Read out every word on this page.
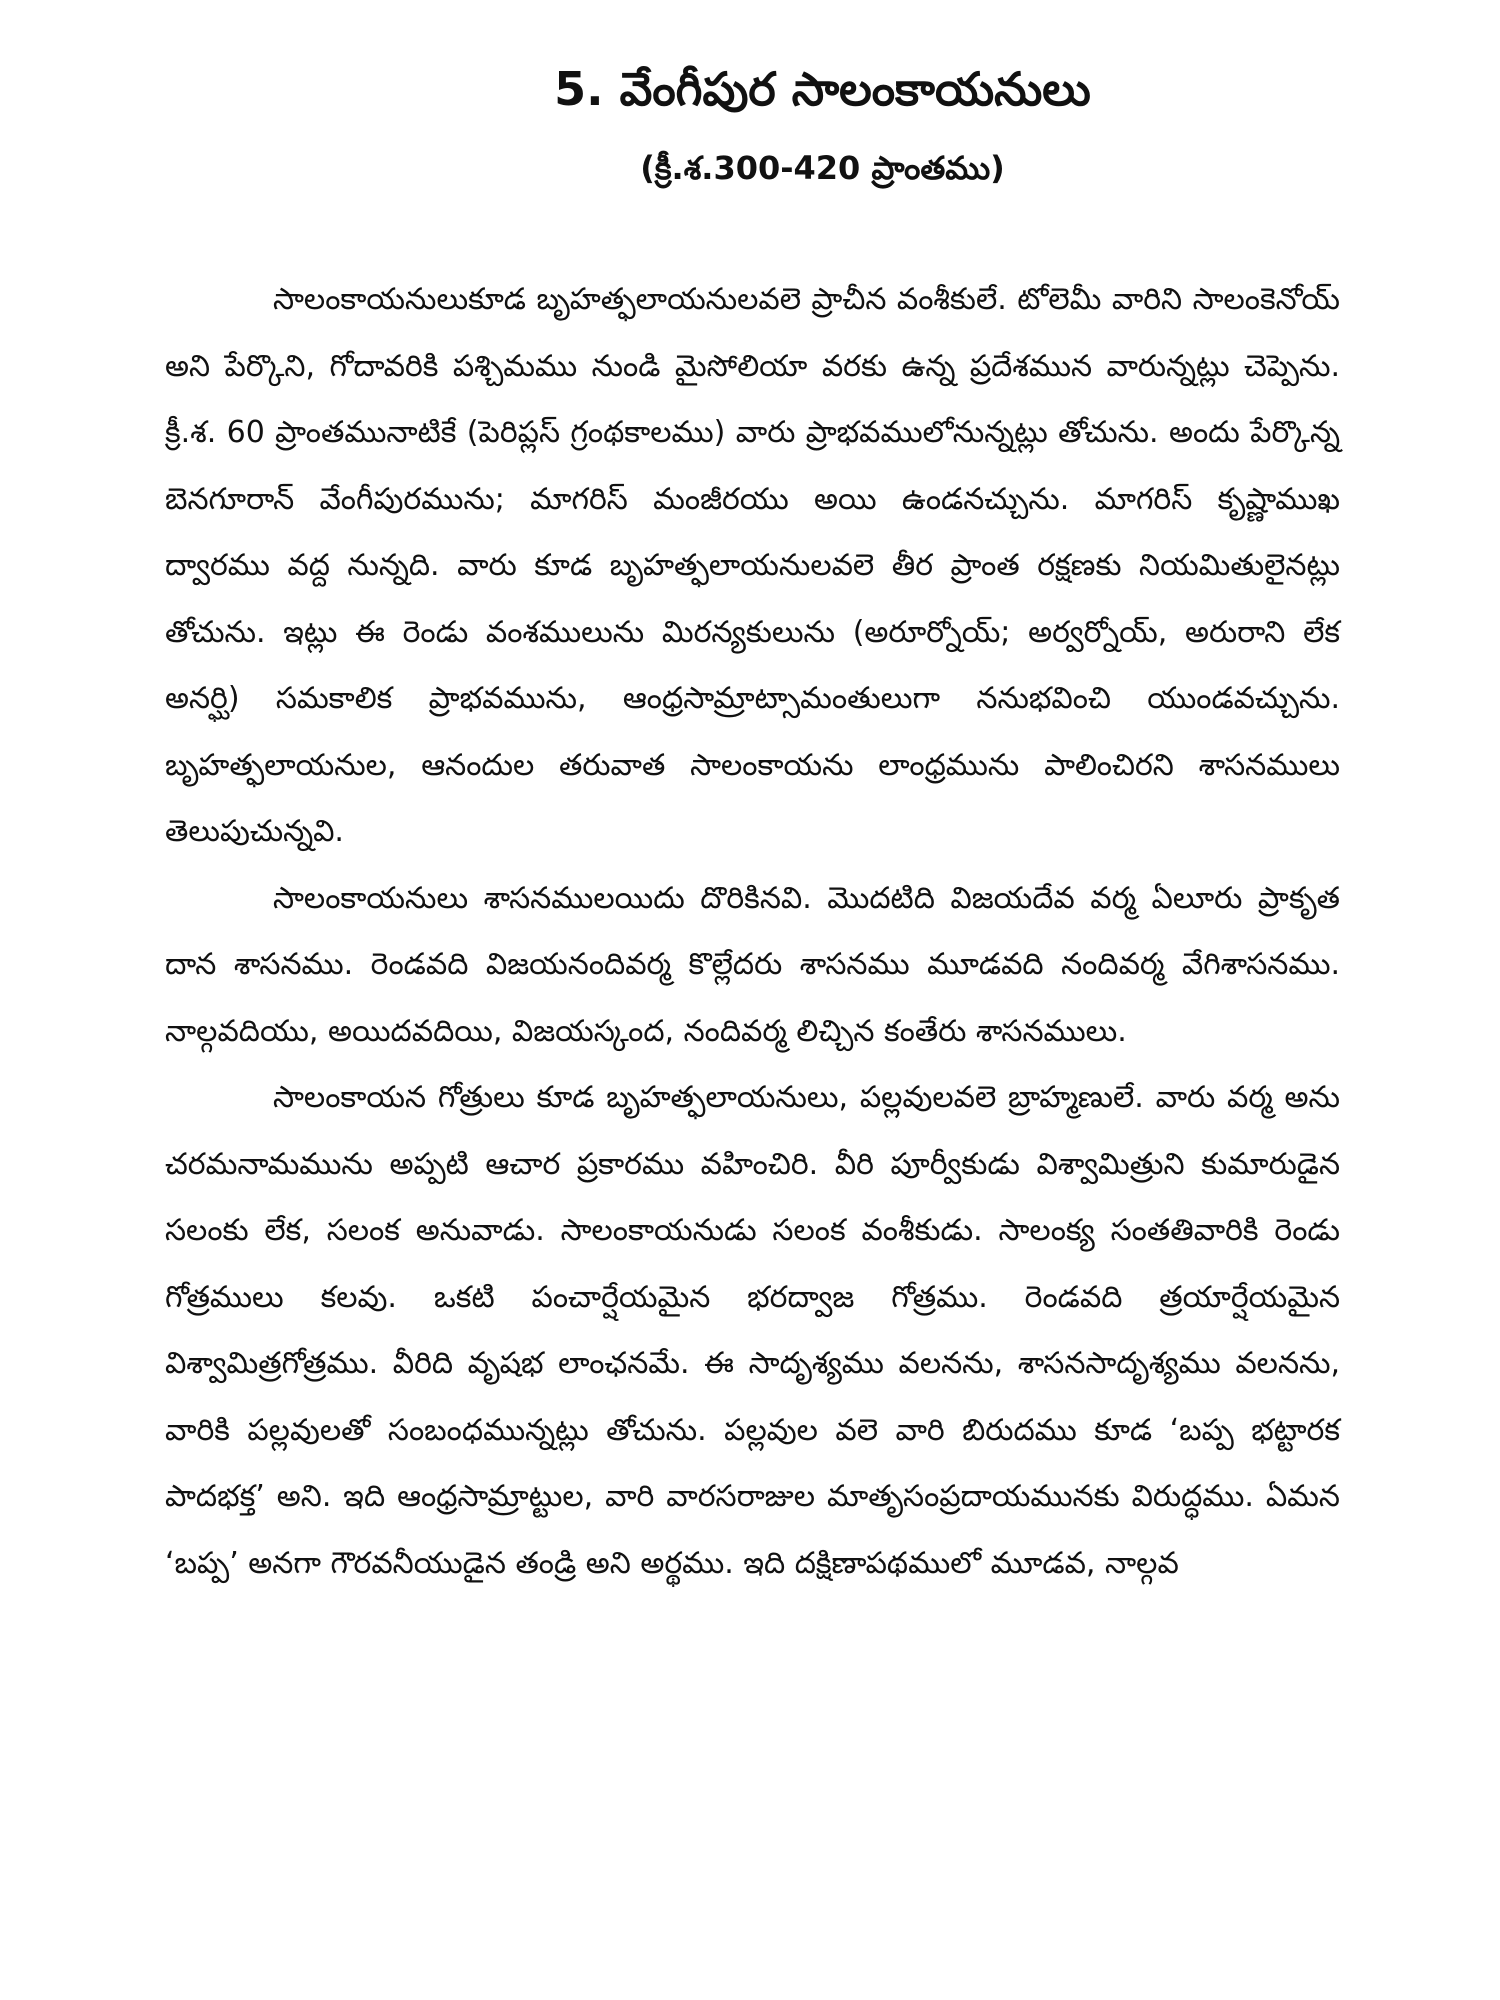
5. వేంగీపుర సాలంకాయనులు
(క్రీ.శ.300-420 ప్రాంతము)

సాలంకాయనులుకూడ బృహత్ఫలాయనులవలె ప్రాచీన వంశీకులే. టోలెమీ వారిని సాలంకెనోయ్ అని పేర్కొని, గోదావరికి పశ్చిమము నుండి మైసోలియా వరకు ఉన్న ప్రదేశమున వారున్నట్లు చెప్పెను. క్రీ.శ. 60 ప్రాంతమునాటికే (పెరిప్లస్ గ్రంథకాలము) వారు ప్రాభవములోనున్నట్లు తోచును. అందు పేర్కొన్న బెనగూరాన్ వేంగీపురమును; మాగరిస్ మంజీరయు అయి ఉండనచ్చును. మాగరిస్ కృష్ణాముఖ ద్వారము వద్ద నున్నది. వారు కూడ బృహత్ఫలాయనులవలె తీర ప్రాంత రక్షణకు నియమితులైనట్లు తోచును. ఇట్లు ఈ రెండు వంశములును మిరన్యకులును (అరూర్నోయ్; అర్వర్నోయ్, అరురాని లేక అనర్ఘి) సమకాలిక ప్రాభవమును, ఆంధ్రసామ్రాట్సామంతులుగా ననుభవించి యుండవచ్చును. బృహత్ఫలాయనుల, ఆనందుల తరువాత సాలంకాయను లాంధ్రమును పాలించిరని శాసనములు తెలుపుచున్నవి.

సాలంకాయనులు శాసనములయిదు దొరికినవి. మొదటిది విజయదేవ వర్మ ఏలూరు ప్రాకృత దాన శాసనము. రెండవది విజయనందివర్మ కొల్లేదరు శాసనము మూడవది నందివర్మ వేగిశాసనము. నాల్గవదియు, అయిదవదియి, విజయస్కంద, నందివర్మ లిచ్చిన కంతేరు శాసనములు.

సాలంకాయన గోత్రులు కూడ బృహత్ఫలాయనులు, పల్లవులవలె బ్రాహ్మణులే. వారు వర్మ అను చరమనామమును అప్పటి ఆచార ప్రకారము వహించిరి. వీరి పూర్వీకుడు విశ్వామిత్రుని కుమారుడైన సలంకు లేక, సలంక అనువాడు. సాలంకాయనుడు సలంక వంశీకుడు. సాలంక్య సంతతివారికి రెండు గోత్రములు కలవు. ఒకటి పంచార్షేయమైన భరద్వాజ గోత్రము. రెండవది త్రయార్షేయమైన విశ్వామిత్రగోత్రము. వీరిది వృషభ లాంఛనమే. ఈ సాదృశ్యము వలనను, శాసనసాదృశ్యము వలనను, వారికి పల్లవులతో సంబంధమున్నట్లు తోచును. పల్లవుల వలె వారి బిరుదము కూడ ‘బప్ప భట్టారక పాదభక్త’ అని. ఇది ఆంధ్రసామ్రాట్టుల, వారి వారసరాజుల మాతృసంప్రదాయమునకు విరుద్ధము. ఏమన ‘బప్ప’ అనగా గౌరవనీయుడైన తండ్రి అని అర్థము. ఇది దక్షిణాపథములో మూడవ, నాల్గవ
